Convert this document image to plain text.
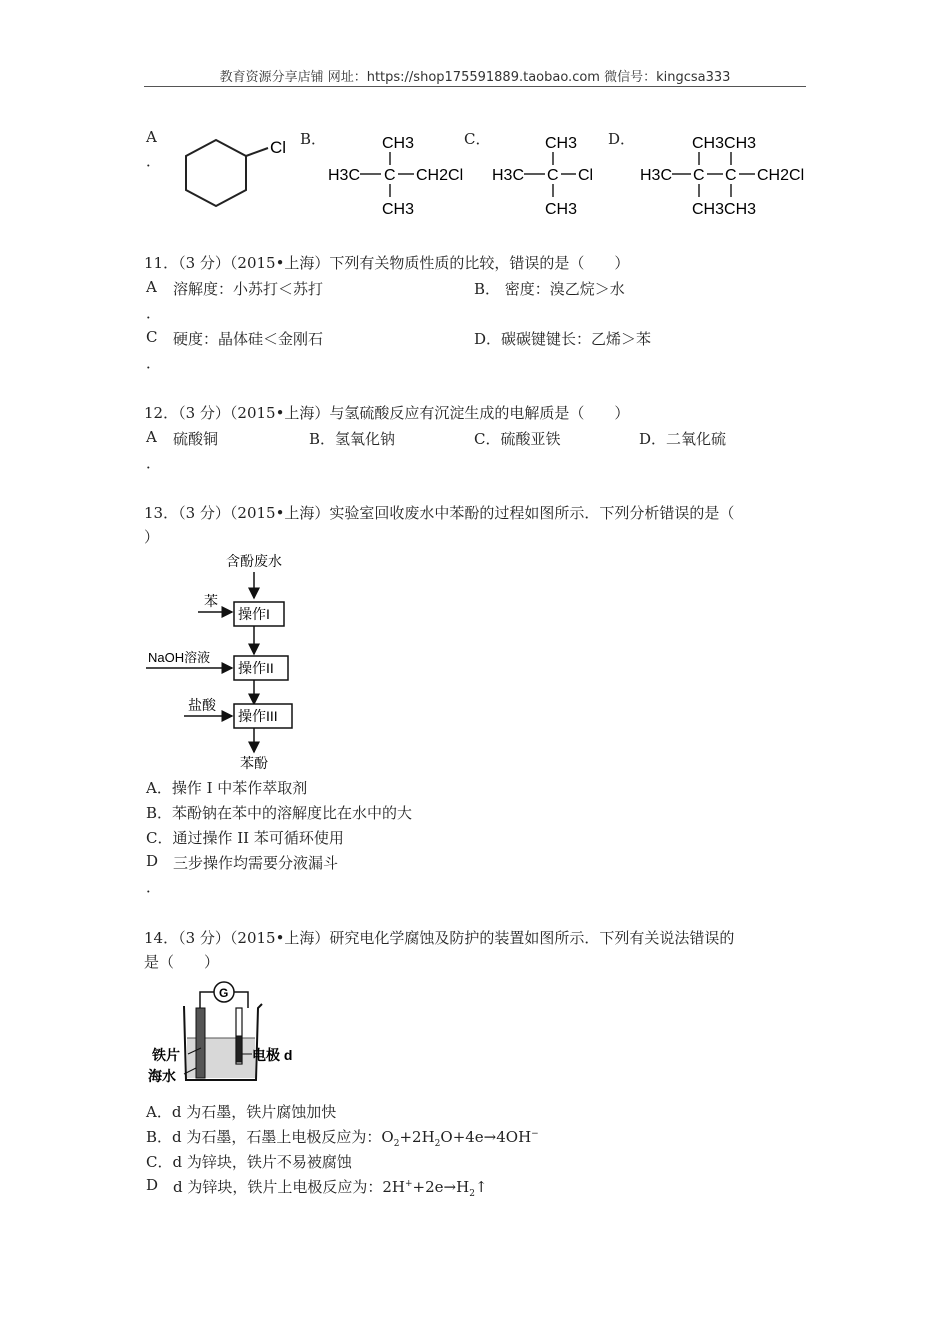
教育资源分享店铺 网址：https://shop175591889.taobao.com 微信号：kingcsa333
A
．
Cl B．	CH3
H3C C CH2Cl
CH3
C．	CH3
H3C C Cl
CH3
D．	CH3CH3
H3C C C CH2Cl
CH3CH3
11．（3 分）（2015•上海）下列有关物质性质的比较，错误的是（　　）
A 溶解度：小苏打＜苏打	B． 密度：溴乙烷＞水
．
C 硬度：晶体硅＜金刚石	D．碳碳键键长：乙烯＞苯
．
12．（3 分）（2015•上海）与氢硫酸反应有沉淀生成的电解质是（　　）
A 硫酸铜	B．氢氧化钠	C．硫酸亚铁	D．二氧化硫
．
13．（3 分）（2015•上海）实验室回收废水中苯酚的过程如图所示．下列分析错误的是（
）
含酚废水
苯
操作I
NaOH溶液
操作II
盐酸
操作III
苯酚
A．操作 I 中苯作萃取剂
B．苯酚钠在苯中的溶解度比在水中的大
C．通过操作 II 苯可循环使用
D 三步操作均需要分液漏斗
．
14．（3 分）（2015•上海）研究电化学腐蚀及防护的装置如图所示．下列有关说法错误的
是（　　）
G
铁片
海水
电极 d
A．d 为石墨，铁片腐蚀加快
B．d 为石墨，石墨上电极反应为：$O_2+2H_2O+4e\to 4OH^-$
C．d 为锌块，铁片不易被腐蚀
D d 为锌块，铁片上电极反应为：$2H^++2e\to H_2↑$
